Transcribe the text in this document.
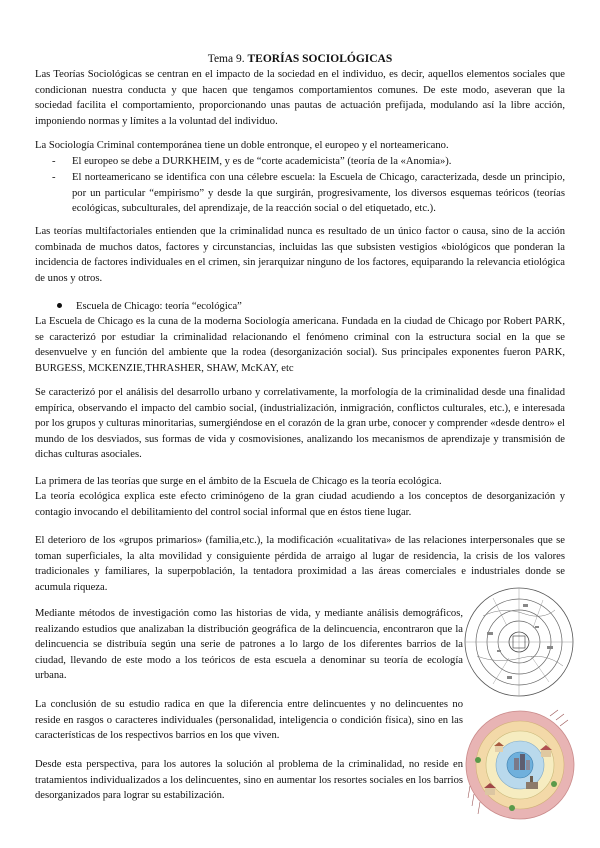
Tema 9. TEORÍAS SOCIOLÓGICAS
Las Teorías Sociológicas se centran en el impacto de la sociedad en el individuo, es decir, aquellos elementos sociales que condicionan nuestra conducta y que hacen que tengamos comportamientos comunes. De este modo, aseveran que la sociedad facilita el comportamiento, proporcionando unas pautas de actuación prefijada, modulando así la libre acción, imponiendo normas y límites a la voluntad del individuo.
La Sociología Criminal contemporánea tiene un doble entronque, el europeo y el norteamericano.
- El europeo se debe a DURKHEIM, y es de “corte academicista” (teoría de la «Anomia»).
- El norteamericano se identifica con una célebre escuela: la Escuela de Chicago, caracterizada, desde un principio, por un particular “empirismo” y desde la que surgirán, progresivamente, los diversos esquemas teóricos (teorías ecológicas, subculturales, del aprendizaje, de la reacción social o del etiquetado, etc.).
Las teorías multifactoriales entienden que la criminalidad nunca es resultado de un único factor o causa, sino de la acción combinada de muchos datos, factores y circunstancias, incluidas las que subsisten vestigios «biológicos que ponderan la incidencia de factores individuales en el crimen, sin jerarquizar ninguno de los factores, equiparando la relevancia etiológica de unos y otros.
Escuela de Chicago: teoría “ecológica”
La Escuela de Chicago es la cuna de la moderna Sociología americana. Fundada en la ciudad de Chicago por Robert PARK, se caracterizó por estudiar la criminalidad relacionando el fenómeno criminal con la estructura social en la que se desenvuelve y en función del ambiente que la rodea (desorganización social). Sus principales exponentes fueron PARK, BURGESS, MCKENZIE,THRASHER, SHAW, McKAY, etc
Se caracterizó por el análisis del desarrollo urbano y correlativamente, la morfología de la criminalidad desde una finalidad empírica, observando el impacto del cambio social, (industrialización, inmigración, conflictos culturales, etc.), e interesada por los grupos y culturas minoritarias, sumergiéndose en el corazón de la gran urbe, conocer y comprender «desde dentro» el mundo de los desviados, sus formas de vida y cosmovisiones, analizando los mecanismos de aprendizaje y transmisión de dichas culturas asociales.
La primera de las teorías que surge en el ámbito de la Escuela de Chicago es la teoría ecológica.
La teoría ecológica explica este efecto criminógeno de la gran ciudad acudiendo a los conceptos de desorganización y contagio invocando el debilitamiento del control social informal que en éstos tiene lugar.
El deterioro de los «grupos primarios» (familia,etc.), la modificación «cualitativa» de las relaciones interpersonales que se toman superficiales, la alta movilidad y consiguiente pérdida de arraigo al lugar de residencia, la crisis de los valores tradicionales y familiares, la superpoblación, la tentadora proximidad a las áreas comerciales e industriales donde se acumula riqueza.
Mediante métodos de investigación como las historias de vida, y mediante análisis demográficos, realizando estudios que analizaban la distribución geográfica de la delincuencia, encontraron que la delincuencia se distribuía según una serie de patrones a lo largo de los diferentes barrios de la ciudad, llevando de este modo a los teóricos de esta escuela a denominar su teoría de ecología urbana.
La conclusión de su estudio radica en que la diferencia entre delincuentes y no delincuentes no reside en rasgos o caracteres individuales (personalidad, inteligencia o condición física), sino en las características de los respectivos barrios en los que viven.
Desde esta perspectiva, para los autores la solución al problema de la criminalidad, no reside en tratamientos individualizados a los delincuentes, sino en aumentar los resortes sociales en los barrios desorganizados para lograr su estabilización.
